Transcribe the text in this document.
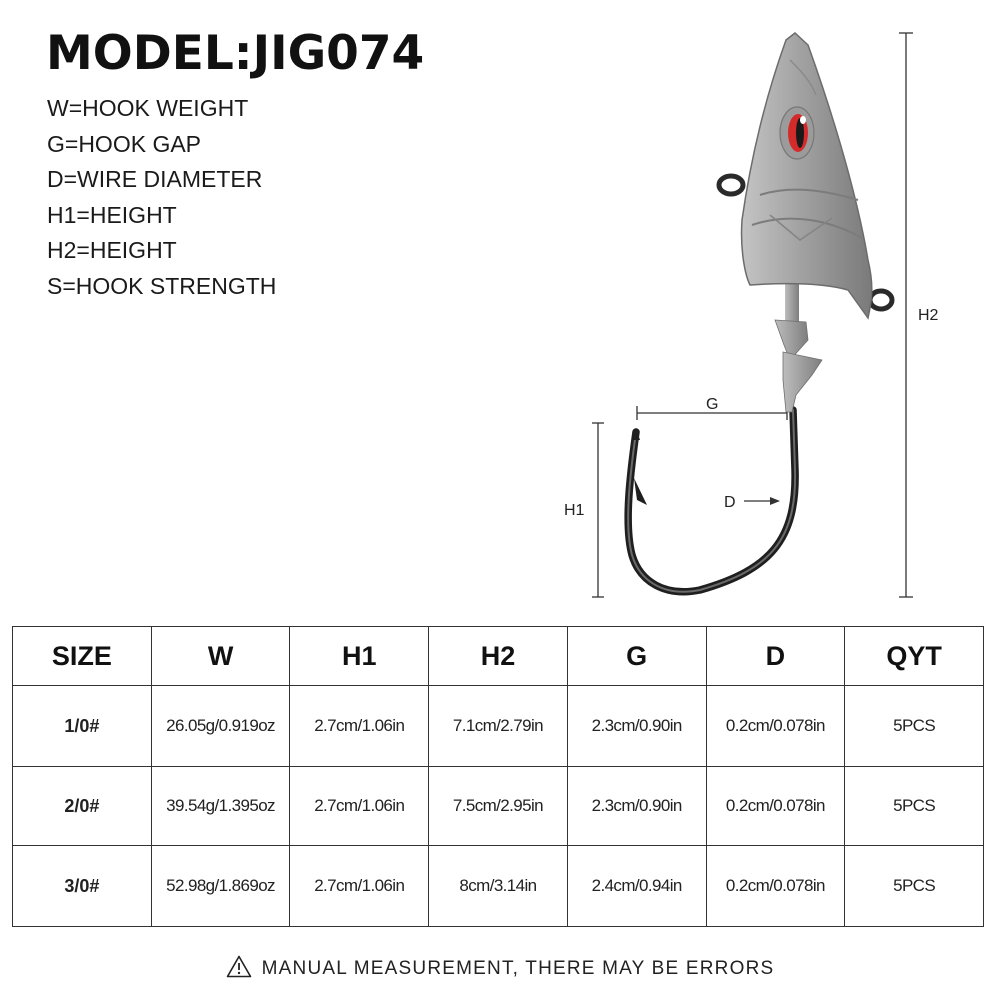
MODEL:JIG074
W=HOOK WEIGHT
G=HOOK GAP
D=WIRE DIAMETER
H1=HEIGHT
H2=HEIGHT
S=HOOK STRENGTH
H2
H1
G
D
SIZE	W	H1	H2	G	D	QYT
1/0#	26.05g/0.919oz	2.7cm/1.06in	7.1cm/2.79in	2.3cm/0.90in	0.2cm/0.078in	5PCS
2/0#	39.54g/1.395oz	2.7cm/1.06in	7.5cm/2.95in	2.3cm/0.90in	0.2cm/0.078in	5PCS
3/0#	52.98g/1.869oz	2.7cm/1.06in	8cm/3.14in	2.4cm/0.94in	0.2cm/0.078in	5PCS
MANUAL MEASUREMENT, THERE MAY BE ERRORS
